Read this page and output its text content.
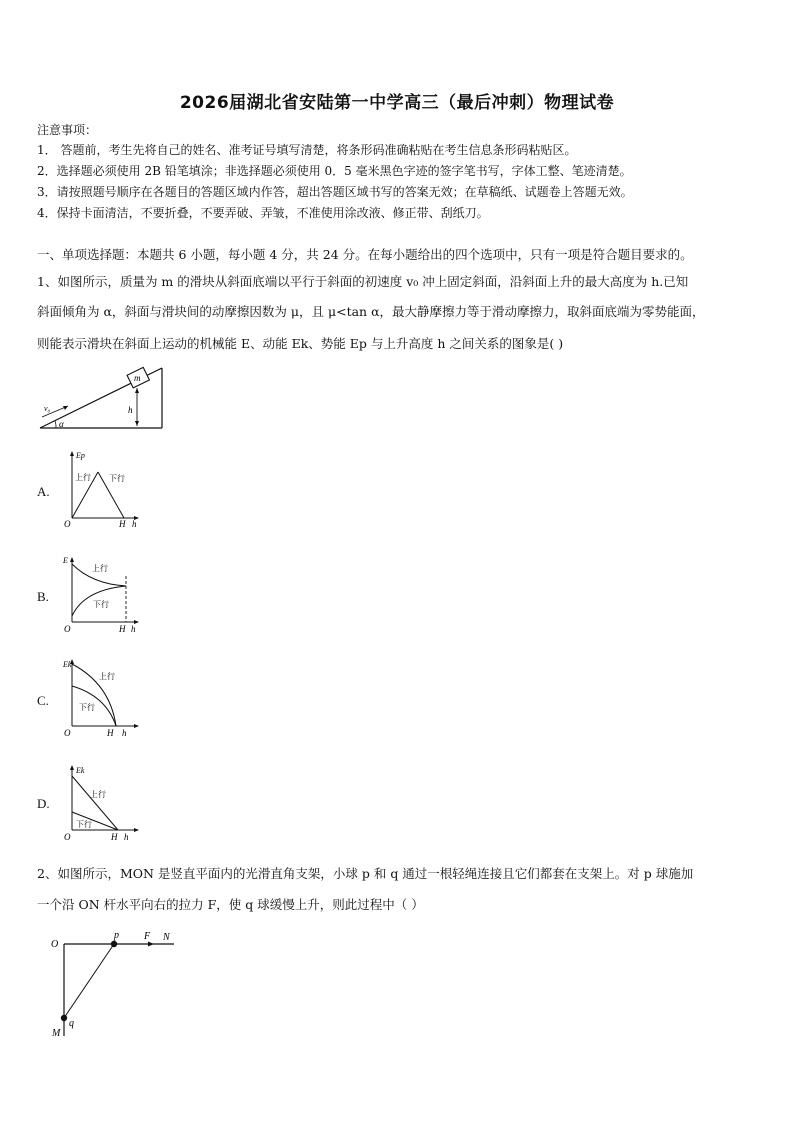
2026届湖北省安陆第一中学高三（最后冲刺）物理试卷
注意事项：
1． 答题前，考生先将自己的姓名、准考证号填写清楚，将条形码准确粘贴在考生信息条形码粘贴区。
2．选择题必须使用 2B 铅笔填涂；非选择题必须使用 0．5 毫米黑色字迹的签字笔书写，字体工整、笔迹清楚。
3．请按照题号顺序在各题目的答题区域内作答，超出答题区域书写的答案无效；在草稿纸、试题卷上答题无效。
4．保持卡面清洁，不要折叠，不要弄破、弄皱，不准使用涂改液、修正带、刮纸刀。
一、单项选择题：本题共 6 小题，每小题 4 分，共 24 分。在每小题给出的四个选项中，只有一项是符合题目要求的。
1、如图所示，质量为 m 的滑块从斜面底端以平行于斜面的初速度 v₀ 冲上固定斜面，沿斜面上升的最大高度为 h.已知
斜面倾角为 α，斜面与滑块间的动摩擦因数为 μ，且 μ<tan α，最大静摩擦力等于滑动摩擦力，取斜面底端为零势能面，
则能表示滑块在斜面上运动的机械能 E、动能 Ek、势能 Ep 与上升高度 h 之间关系的图象是( )
m
h
v₀
α
A.
Ep
上行 下行
O	H h
B.
E
上行
下行
O	H h
C.
Ek
上行
下行
O	H h
D.
Ek
上行
下行
O	H h
2、如图所示，MON 是竖直平面内的光滑直角支架，小球 p 和 q 通过一根轻绳连接且它们都套在支架上。对 p 球施加
一个沿 ON 杆水平向右的拉力 F，使 q 球缓慢上升，则此过程中（ ）
O
p	F N
M
q
